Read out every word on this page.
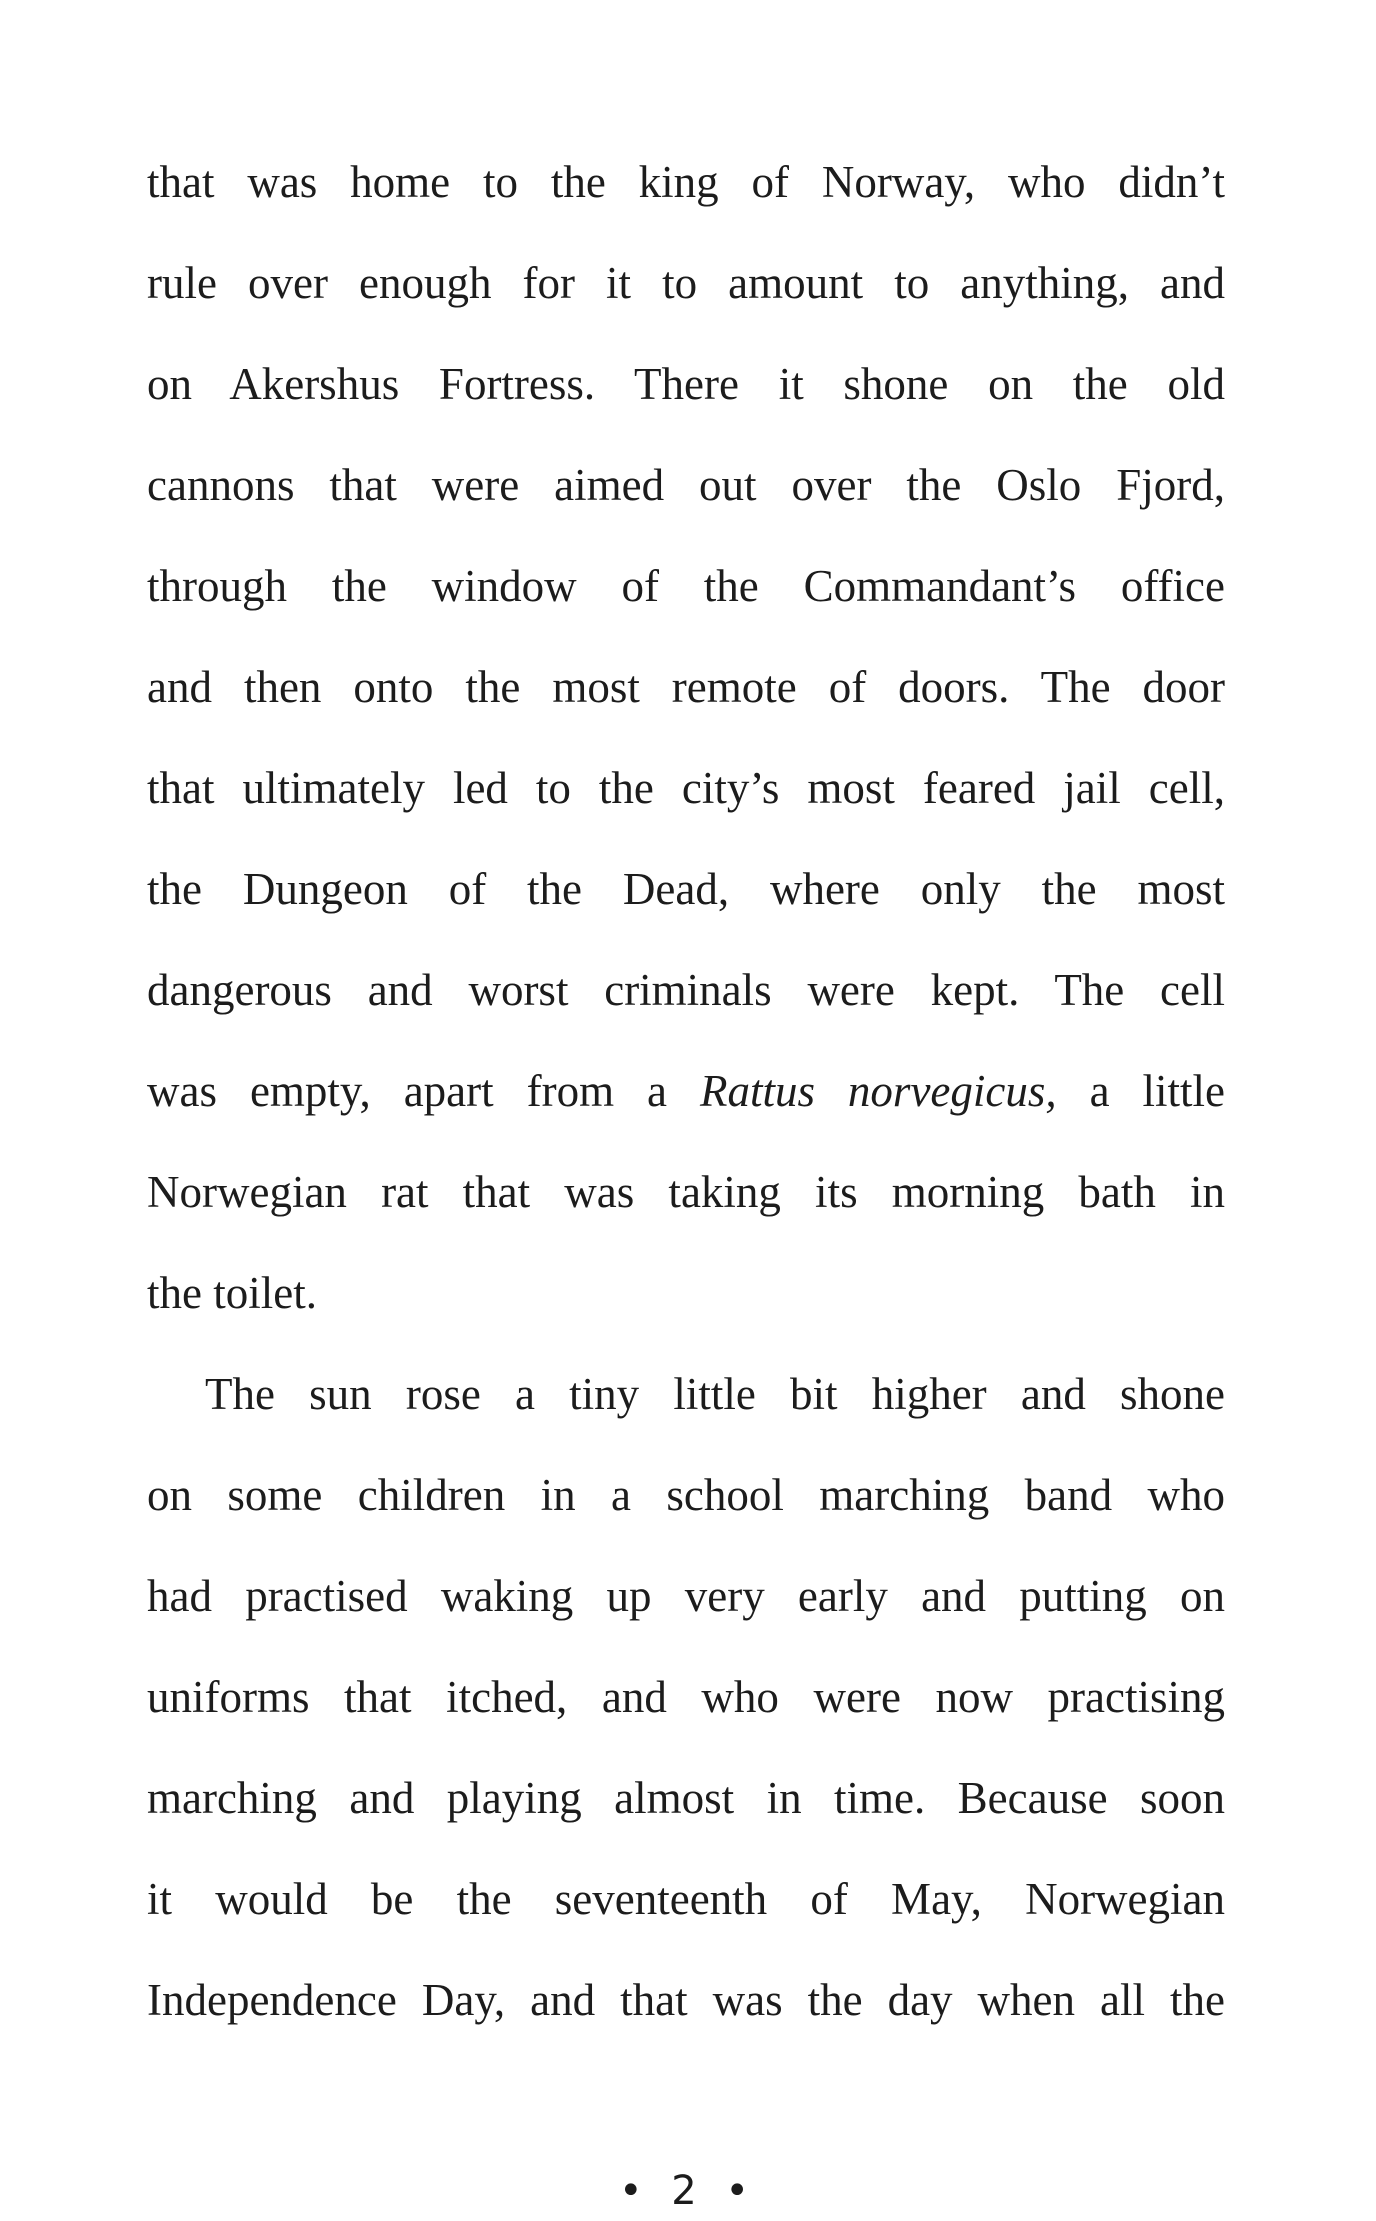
that was home to the king of Norway, who didn’t
rule over enough for it to amount to anything, and
on Akershus Fortress. There it shone on the old
cannons that were aimed out over the Oslo Fjord,
through the window of the Commandant’s office
and then onto the most remote of doors. The door
that ultimately led to the city’s most feared jail cell,
the Dungeon of the Dead, where only the most
dangerous and worst criminals were kept. The cell
was empty, apart from a Rattus norvegicus, a little
Norwegian rat that was taking its morning bath in
the toilet.
The sun rose a tiny little bit higher and shone
on some children in a school marching band who
had practised waking up very early and putting on
uniforms that itched, and who were now practising
marching and playing almost in time. Because soon
it would be the seventeenth of May, Norwegian
Independence Day, and that was the day when all the
• 2 •
